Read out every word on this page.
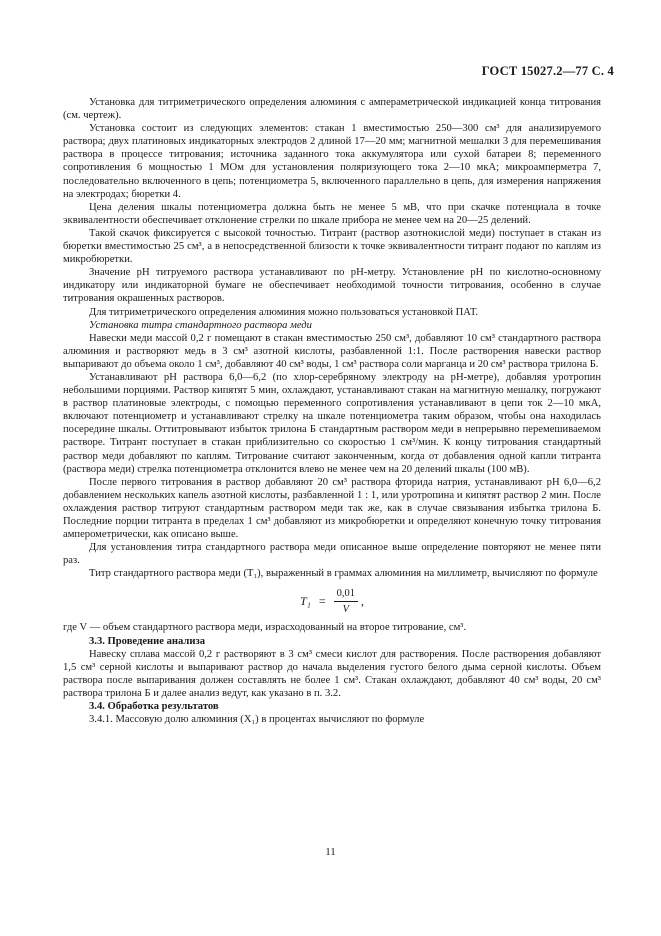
ГОСТ 15027.2—77 С. 4

Установка для титриметрического определения алюминия с ампераметрической индикацией конца титрования (см. чертеж).

Установка состоит из следующих элементов: стакан 1 вместимостью 250—300 см³ для анализируемого раствора; двух платиновых индикаторных электродов 2 длиной 17—20 мм; магнитной мешалки 3 для перемешивания раствора в процессе титрования; источника заданного тока аккумулятора или сухой батареи 8; переменного сопротивления 6 мощностью 1 МОм для установления поляризующего тока 2—10 мкА; микроамперметра 7, последовательно включенного в цепь; потенциометра 5, включенного параллельно в цепь, для измерения напряжения на электродах; бюретки 4.

Цена деления шкалы потенциометра должна быть не менее 5 мВ, что при скачке потенциала в точке эквивалентности обеспечивает отклонение стрелки по шкале прибора не менее чем на 20—25 делений.

Такой скачок фиксируется с высокой точностью. Титрант (раствор азотнокислой меди) поступает в стакан из бюретки вместимостью 25 см³, а в непосредственной близости к точке эквивалентности титрант подают по каплям из микробюретки.

Значение pH титруемого раствора устанавливают по pH-метру. Установление pH по кислотно-основному индикатору или индикаторной бумаге не обеспечивает необходимой точности титрования, особенно в случае титрования окрашенных растворов.

Для титриметрического определения алюминия можно пользоваться установкой ПАТ.

Установка титра стандартного раствора меди

Навески меди массой 0,2 г помещают в стакан вместимостью 250 см³, добавляют 10 см³ стандартного раствора алюминия и растворяют медь в 3 см³ азотной кислоты, разбавленной 1:1. После растворения навески раствор выпаривают до объема около 1 см³, добавляют 40 см³ воды, 1 см³ раствора соли марганца и 20 см³ раствора трилона Б.

Устанавливают pH раствора 6,0—6,2 (по хлор-серебряному электроду на pH-метре), добавляя уротропин небольшими порциями. Раствор кипятят 5 мин, охлаждают, устанавливают стакан на магнитную мешалку, погружают в раствор платиновые электроды, с помощью переменного сопротивления устанавливают в цепи ток 2—10 мкА, включают потенциометр и устанавливают стрелку на шкале потенциометра таким образом, чтобы она находилась посередине шкалы. Оттитровывают избыток трилона Б стандартным раствором меди в непрерывно перемешиваемом растворе. Титрант поступает в стакан приблизительно со скоростью 1 см³/мин. К концу титрования стандартный раствор меди добавляют по каплям. Титрование считают законченным, когда от добавления одной капли титранта (раствора меди) стрелка потенциометра отклонится влево не менее чем на 20 делений шкалы (100 мВ).

После первого титрования в раствор добавляют 20 см³ раствора фторида натрия, устанавливают pH 6,0—6,2 добавлением нескольких капель азотной кислоты, разбавленной 1 : 1, или уротропина и кипятят раствор 2 мин. После охлаждения раствор титруют стандартным раствором меди так же, как в случае связывания избытка трилона Б. Последние порции титранта в пределах 1 см³ добавляют из микробюретки и определяют конечную точку титрования амперометрически, как описано выше.

Для установления титра стандартного раствора меди описанное выше определение повторяют не менее пяти раз.

Титр стандартного раствора меди (T₁), выраженный в граммах алюминия на миллиметр, вычисляют по формуле

$T_1 = \frac{0,01}{V}$ ,

где V — объем стандартного раствора меди, израсходованный на второе титрование, см³.

3.3. Проведение анализа

Навеску сплава массой 0,2 г растворяют в 3 см³ смеси кислот для растворения. После растворения добавляют 1,5 см³ серной кислоты и выпаривают раствор до начала выделения густого белого дыма серной кислоты. Объем раствора после выпаривания должен составлять не более 1 см³. Стакан охлаждают, добавляют 40 см³ воды, 20 см³ раствора трилона Б и далее анализ ведут, как указано в п. 3.2.

3.4. Обработка результатов

3.4.1. Массовую долю алюминия (X₁) в процентах вычисляют по формуле

11
